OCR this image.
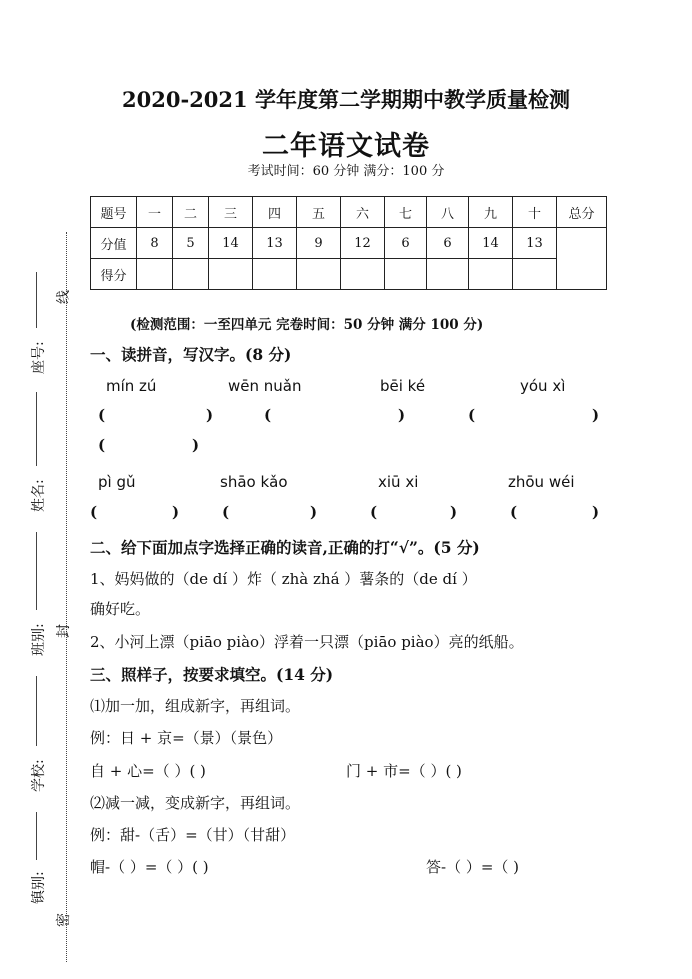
2020-2021 学年度第二学期期中教学质量检测
二年语文试卷
考试时间：60 分钟 满分：100 分
题号	一	二	三	四	五	六	七	八	九	十	总分
分值	8	5	14	13	9	12	6	6	14	13	
得分											
(检测范围：一至四单元 完卷时间：50 分钟 满分 100 分)
一、读拼音，写汉字。(8 分)
mín zú	wēn nuǎn	bēi ké	yóu xì
(	)	(	)	(	)
(	)
pì gǔ	shāo kǎo	xiū xi	zhōu wéi
(	)	(	)	(	)	(	)
二、给下面加点字选择正确的读音,正确的打“√”。(5 分)
1、妈妈做的（de dí ）炸（ zhà zhá ）薯条的（de dí ）
确好吃。
2、小河上漂（piāo piào）浮着一只漂（piāo piào）亮的纸船。
三、照样子，按要求填空。(14 分)
⑴加一加，组成新字，再组词。
例：日 + 京=（景）（景色）
自 + 心=（ ）( )	门 + 市=（ ）( )
⑵减一减，变成新字，再组词。
例：甜-（舌）=（甘）（甘甜）
帽-（ ）=（ ）( )	答-（ ）=（ )
座号:
姓名:
班别:
学校:
镇别:
线
封
密
